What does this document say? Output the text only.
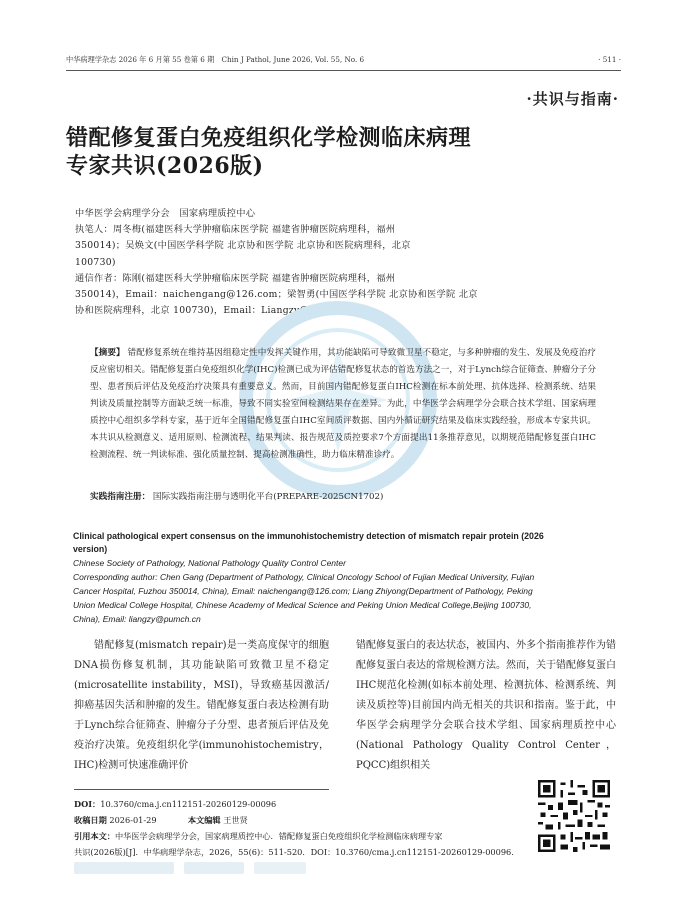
中华病理学杂志 2026 年 6 月第 55 卷第 6 期　Chin J Pathol, June 2026, Vol. 55, No. 6	· 511 ·
·共识与指南·
错配修复蛋白免疫组织化学检测临床病理
专家共识(2026版)
中华医学会病理学分会　国家病理质控中心
执笔人：周冬梅(福建医科大学肿瘤临床医学院 福建省肿瘤医院病理科，福州
350014)；吴焕文(中国医学科学院 北京协和医学院 北京协和医院病理科，北京
100730)
通信作者：陈刚(福建医科大学肿瘤临床医学院 福建省肿瘤医院病理科，福州
350014)，Email：naichengang@126.com；梁智勇(中国医学科学院 北京协和医学院 北京
协和医院病理科，北京 100730)，Email：Liangzy@pumch.cn
【摘要】 错配修复系统在维持基因组稳定性中发挥关键作用，其功能缺陷可导致微卫星不稳定，与多种肿瘤的发生、发展及免疫治疗反应密切相关。错配修复蛋白免疫组织化学(IHC)检测已成为评估错配修复状态的首选方法之一，对于Lynch综合征筛查、肿瘤分子分型、患者预后评估及免疫治疗决策具有重要意义。然而，目前国内错配修复蛋白IHC检测在标本前处理、抗体选择、检测系统、结果判读及质量控制等方面缺乏统一标准，导致不同实验室间检测结果存在差异。为此，中华医学会病理学分会联合技术学组、国家病理质控中心组织多学科专家，基于近年全国错配修复蛋白IHC室间质评数据、国内外循证研究结果及临床实践经验，形成本专家共识。本共识从检测意义、适用原则、检测流程、结果判读、报告规范及质控要求7个方面提出11条推荐意见，以期规范错配修复蛋白IHC检测流程、统一判读标准、强化质量控制、提高检测准确性，助力临床精准诊疗。
实践指南注册： 国际实践指南注册与透明化平台(PREPARE-2025CN1702)
Clinical pathological expert consensus on the immunohistochemistry detection of mismatch repair protein (2026 version)
Chinese Society of Pathology, National Pathology Quality Control Center
Corresponding author: Chen Gang (Department of Pathology, Clinical Oncology School of Fujian Medical University, Fujian Cancer Hospital, Fuzhou 350014, China), Email: naichengang@126.com; Liang Zhiyong(Department of Pathology, Peking Union Medical College Hospital, Chinese Academy of Medical Science and Peking Union Medical College,Beijing 100730, China), Email: liangzy@pumch.cn
错配修复(mismatch repair)是一类高度保守的细胞DNA损伤修复机制，其功能缺陷可致微卫星不稳定(microsatellite instability，MSI)，导致癌基因激活/抑癌基因失活和肿瘤的发生。错配修复蛋白表达检测有助于Lynch综合征筛查、肿瘤分子分型、患者预后评估及免疫治疗决策。免疫组织化学(immunohistochemistry，IHC)检测可快速准确评价
错配修复蛋白的表达状态，被国内、外多个指南推荐作为错配修复蛋白表达的常规检测方法。然而，关于错配修复蛋白IHC规范化检测(如标本前处理、检测抗体、检测系统、判读及质控等)目前国内尚无相关的共识和指南。鉴于此，中华医学会病理学分会联合技术学组、国家病理质控中心(National Pathology Quality Control Center，PQCC)组织相关
DOI：10.3760/cma.j.cn112151-20260129-00096
收稿日期 2026-01-29	本文编辑 王世贤
引用本文：中华医学会病理学分会，国家病理质控中心．错配修复蛋白免疫组织化学检测临床病理专家
共识(2026版)[J]．中华病理学杂志，2026，55(6)：511-520．DOI：10.3760/cma.j.cn112151-20260129-00096.
